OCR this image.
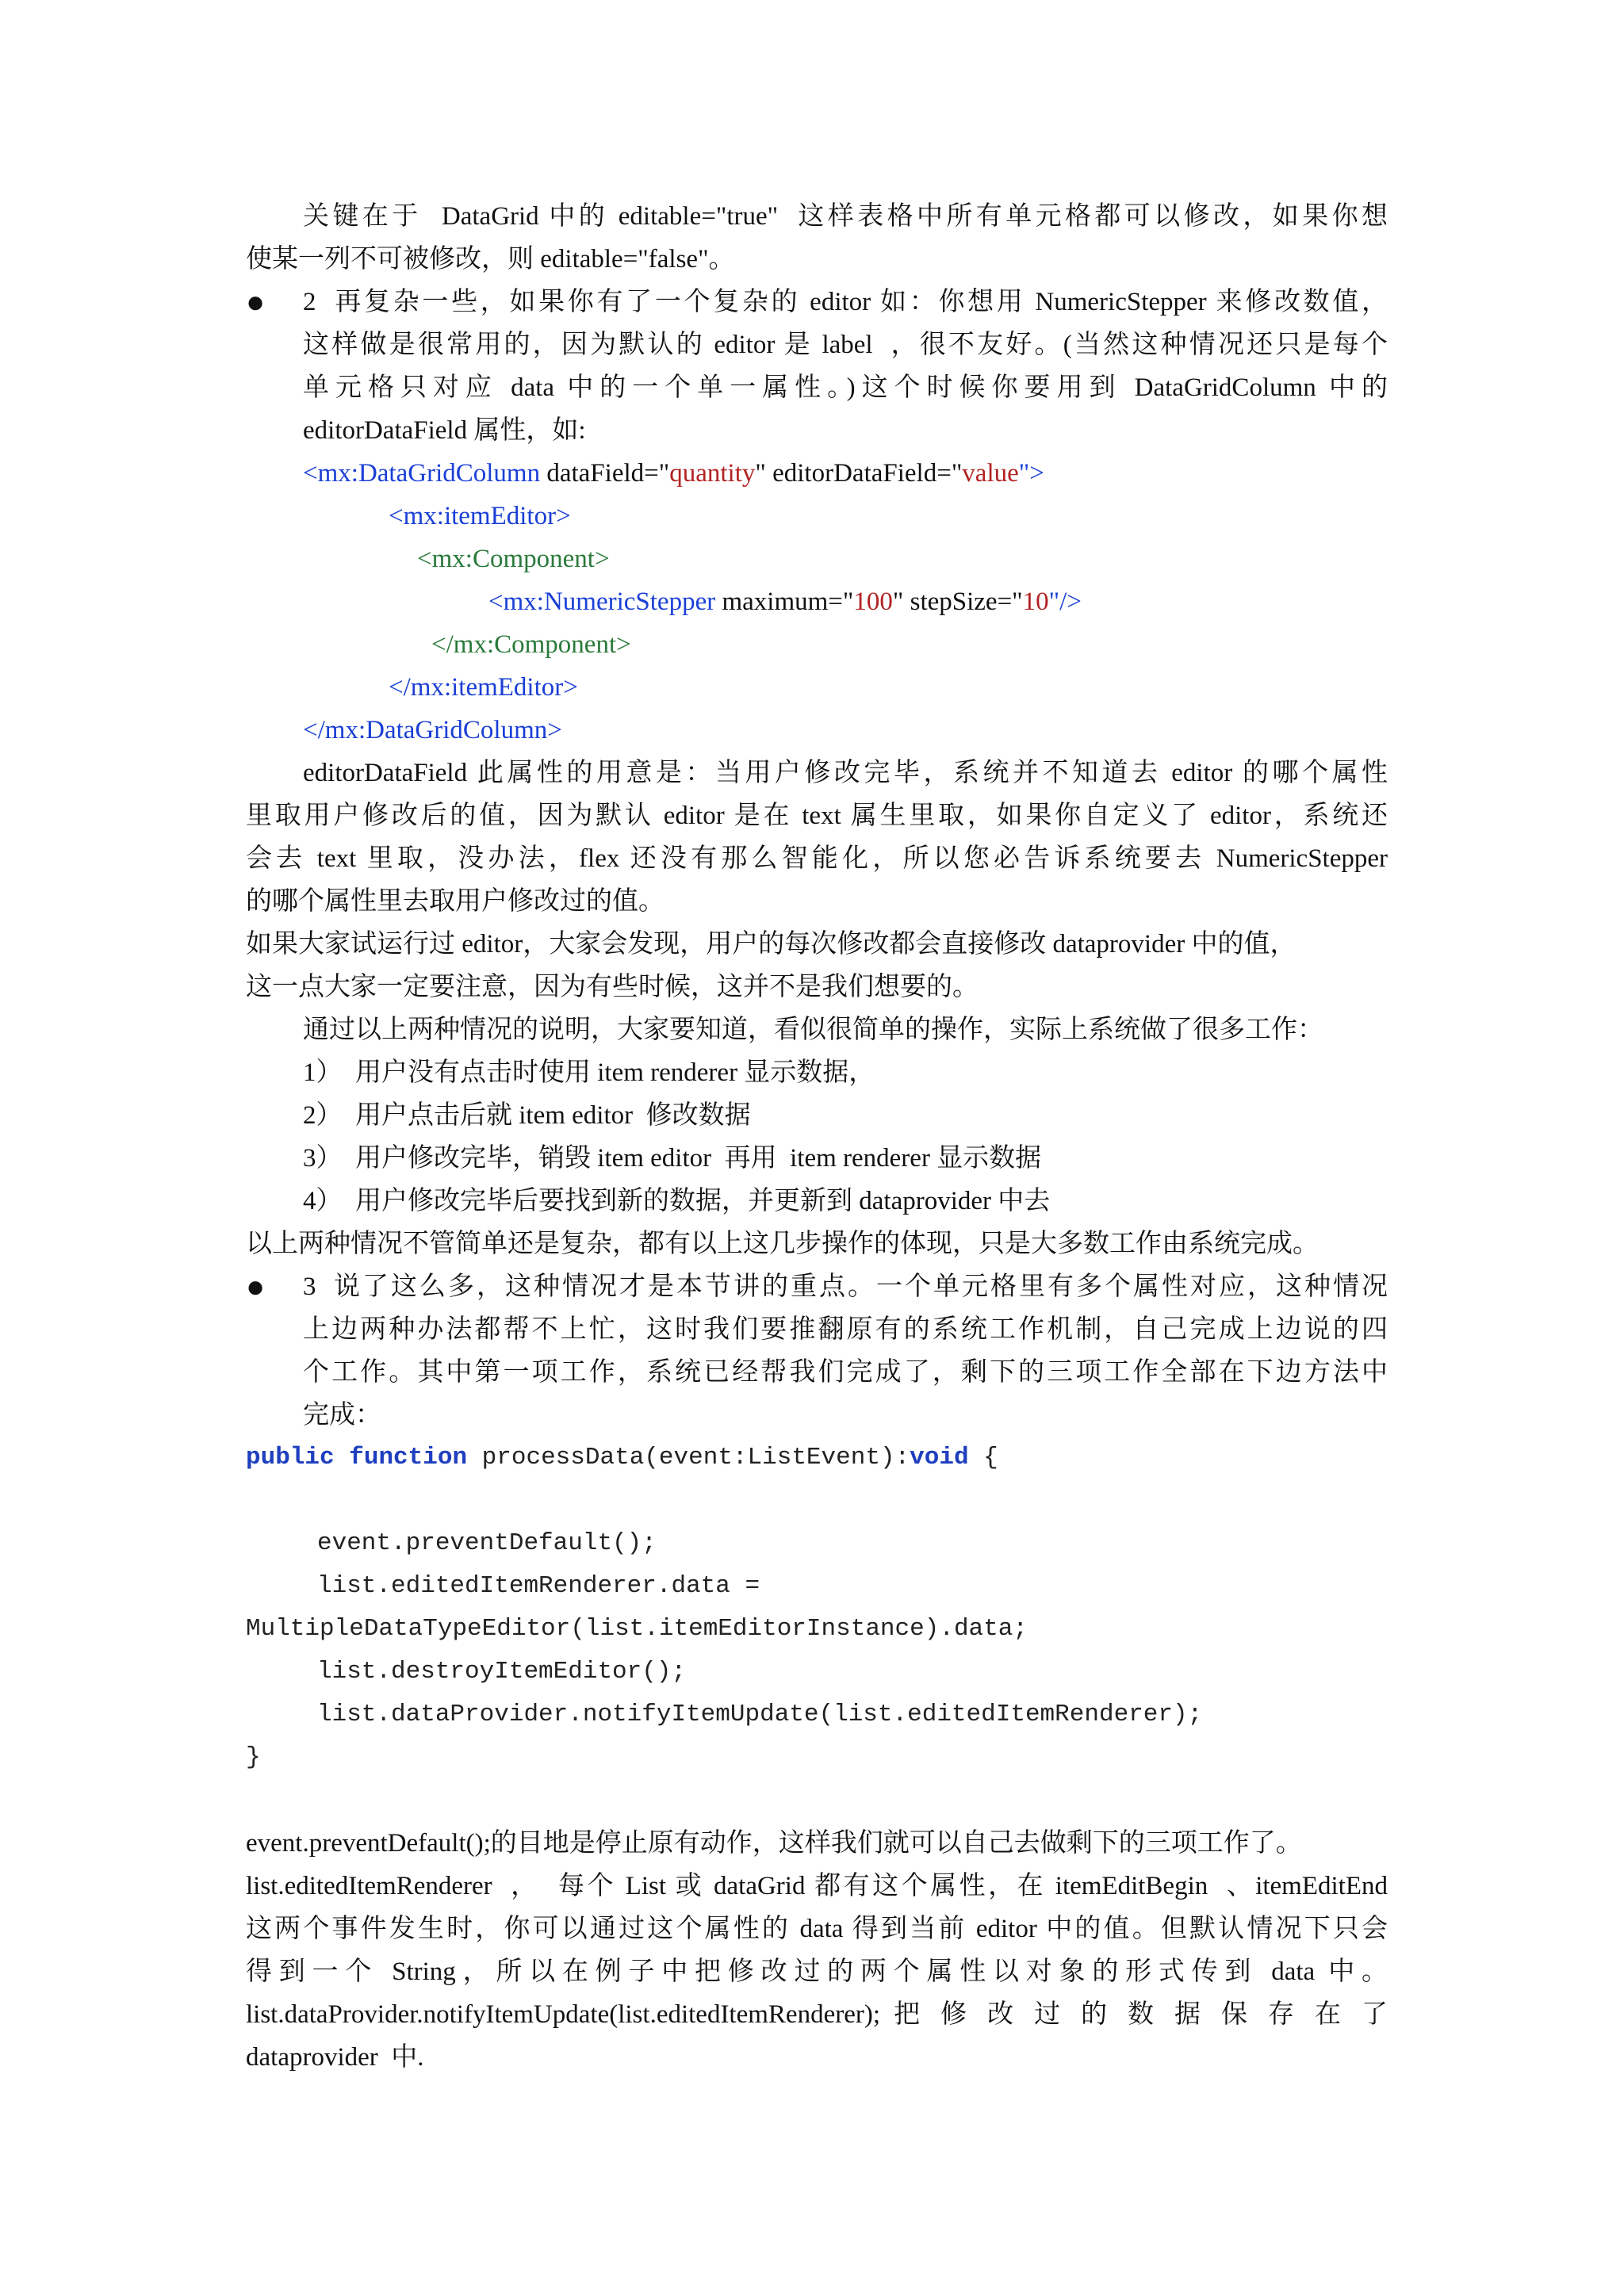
关键在于  DataGrid 中的 editable="true"  这样表格中所有单元格都可以修改，如果你想
使某一列不可被修改，则 editable="false"。
●	2  再复杂一些，如果你有了一个复杂的 editor 如：你想用 NumericStepper 来修改数值，
这样做是很常用的，因为默认的 editor 是 label  ，很不友好。(当然这种情况还只是每个
单元格只对应 data 中的一个单一属性。)这个时候你要用到 DataGridColumn 中的
editorDataField 属性，如:
<mx:DataGridColumn dataField="quantity" editorDataField="value">
<mx:itemEditor>
<mx:Component>
<mx:NumericStepper maximum="100" stepSize="10"/>
</mx:Component>
</mx:itemEditor>
</mx:DataGridColumn>
editorDataField 此属性的用意是：当用户修改完毕，系统并不知道去 editor 的哪个属性
里取用户修改后的值，因为默认 editor 是在 text 属生里取，如果你自定义了 editor，系统还
会去 text 里取，没办法，flex 还没有那么智能化，所以您必告诉系统要去 NumericStepper
的哪个属性里去取用户修改过的值。
如果大家试运行过 editor，大家会发现，用户的每次修改都会直接修改 dataprovider 中的值，
这一点大家一定要注意，因为有些时候，这并不是我们想要的。
通过以上两种情况的说明，大家要知道，看似很简单的操作，实际上系统做了很多工作：
1）  用户没有点击时使用 item renderer 显示数据，
2）  用户点击后就 item editor  修改数据
3）  用户修改完毕，销毁 item editor  再用  item renderer 显示数据
4）  用户修改完毕后要找到新的数据，并更新到 dataprovider 中去
以上两种情况不管简单还是复杂，都有以上这几步操作的体现，只是大多数工作由系统完成。
●	3  说了这么多，这种情况才是本节讲的重点。一个单元格里有多个属性对应，这种情况
上边两种办法都帮不上忙，这时我们要推翻原有的系统工作机制，自己完成上边说的四
个工作。其中第一项工作，系统已经帮我们完成了，剩下的三项工作全部在下边方法中
完成：
public function processData(event:ListEvent):void {
event.preventDefault();
list.editedItemRenderer.data =
MultipleDataTypeEditor(list.itemEditorInstance).data;
list.destroyItemEditor();
list.dataProvider.notifyItemUpdate(list.editedItemRenderer);
}
event.preventDefault();的目地是停止原有动作，这样我们就可以自己去做剩下的三项工作了。
list.editedItemRenderer  ，  每个 List 或 dataGrid 都有这个属性，在 itemEditBegin  、itemEditEnd
这两个事件发生时，你可以通过这个属性的 data 得到当前 editor 中的值。但默认情况下只会
得到一个 String，所以在例子中把修改过的两个属性以对象的形式传到 data 中。
list.dataProvider.notifyItemUpdate(list.editedItemRenderer); 把 修 改 过 的 数 据 保 存 在 了
dataprovider  中.
